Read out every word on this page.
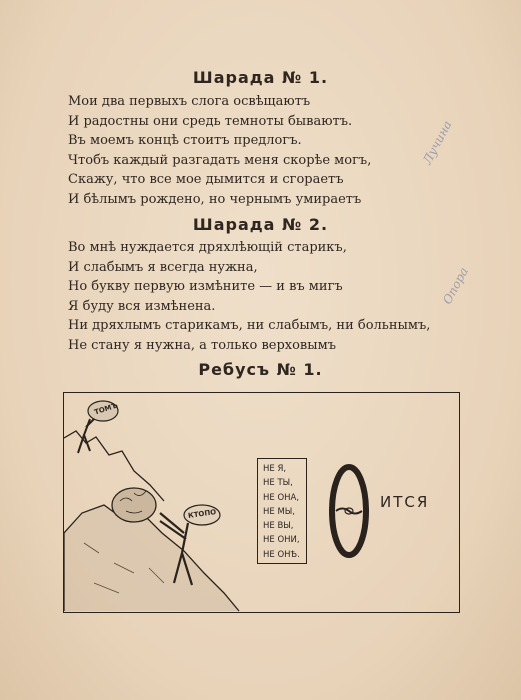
Шарада № 1.
Мои два первыхъ слога освѣщаютъ
И радостны они средь темноты бываютъ.
Въ моемъ концѣ стоитъ предлогъ.
Чтобъ каждый разгадать меня скорѣе могъ,
Скажу, что все мое дымится и сгораетъ
И бѣлымъ рождено, но чернымъ умираетъ
Шарада № 2.
Во мнѣ нуждается дряхлѣющій старикъ,
И слабымъ я всегда нужна,
Но букву первую измѣните — и въ мигъ
Я буду вся измѣнена.
Ни дряхлымъ старикамъ, ни слабымъ, ни больнымъ,
Не стану я нужна, а только верховымъ
Лучина
Опора
Ребусъ № 1.
ТОМЪ
КТОПО
НЕ Я,
НЕ ТЫ,
НЕ ОНА,
НЕ МЫ,
НЕ ВЫ,
НЕ ОНИ,
НЕ ОНѢ.
ИТСЯ
